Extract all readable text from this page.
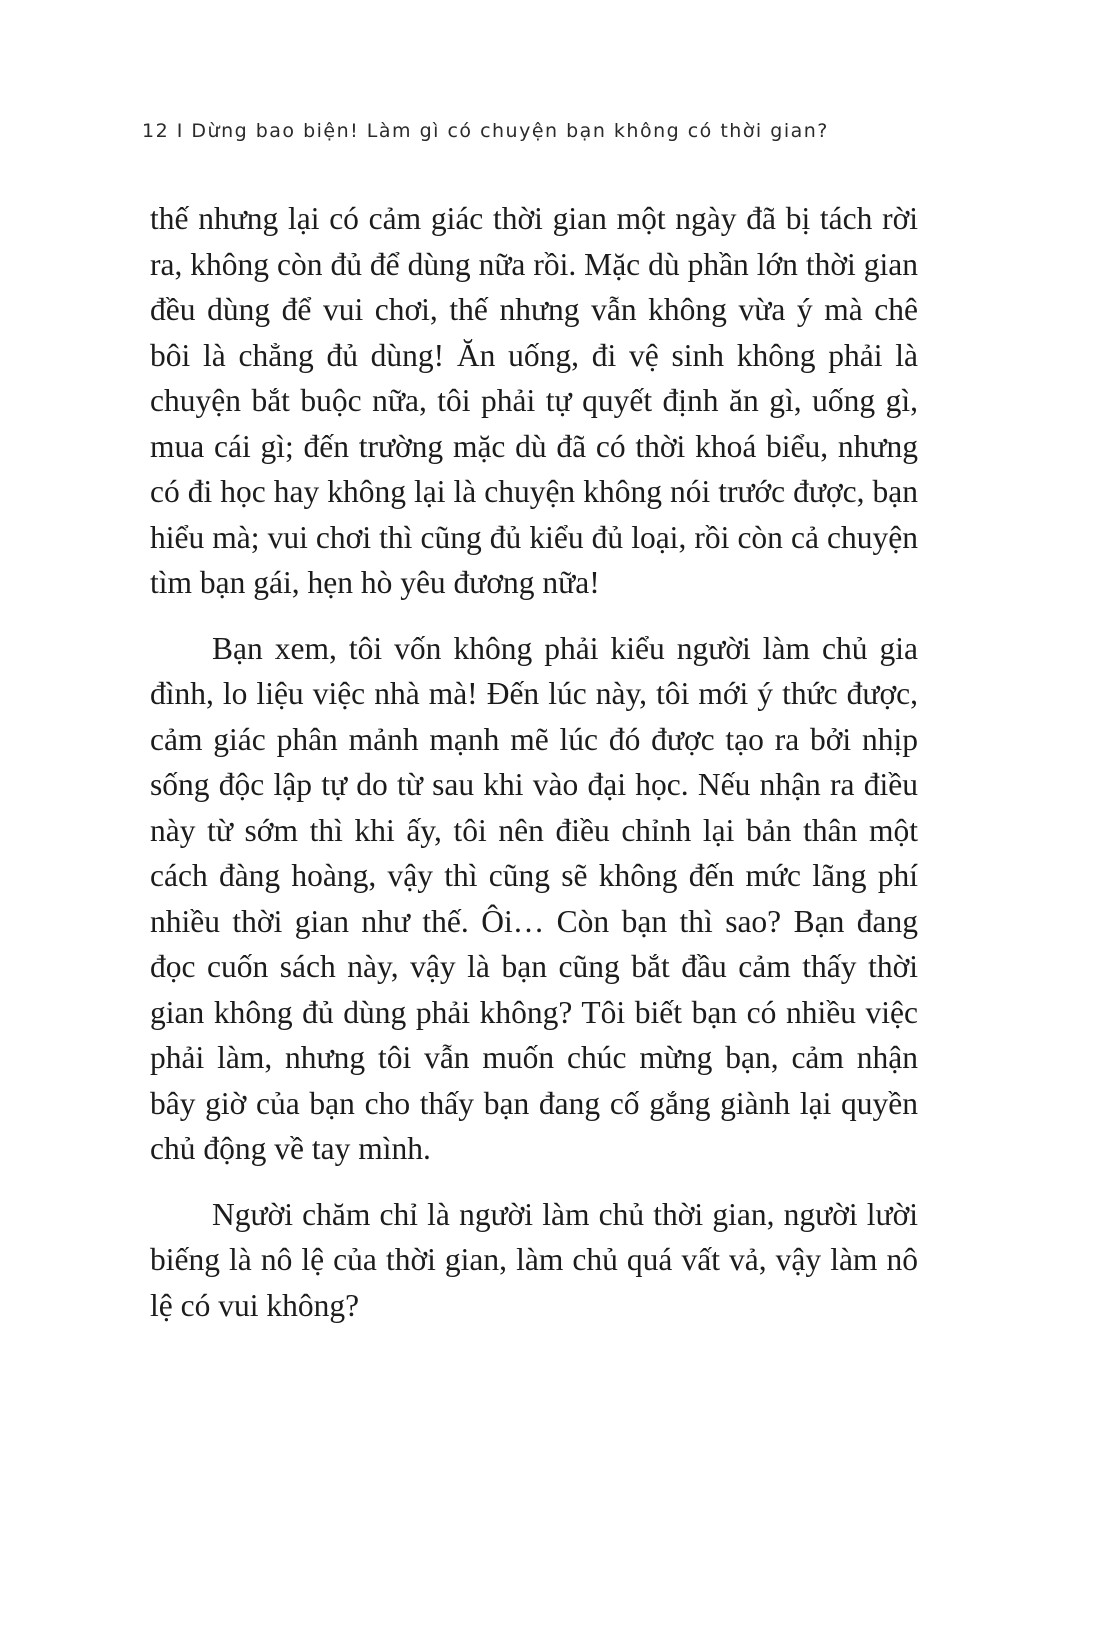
12 I Dừng bao biện! Làm gì có chuyện bạn không có thời gian?

thế nhưng lại có cảm giác thời gian một ngày đã bị tách rời ra, không còn đủ để dùng nữa rồi. Mặc dù phần lớn thời gian đều dùng để vui chơi, thế nhưng vẫn không vừa ý mà chê bôi là chẳng đủ dùng! Ăn uống, đi vệ sinh không phải là chuyện bắt buộc nữa, tôi phải tự quyết định ăn gì, uống gì, mua cái gì; đến trường mặc dù đã có thời khoá biểu, nhưng có đi học hay không lại là chuyện không nói trước được, bạn hiểu mà; vui chơi thì cũng đủ kiểu đủ loại, rồi còn cả chuyện tìm bạn gái, hẹn hò yêu đương nữa!

Bạn xem, tôi vốn không phải kiểu người làm chủ gia đình, lo liệu việc nhà mà! Đến lúc này, tôi mới ý thức được, cảm giác phân mảnh mạnh mẽ lúc đó được tạo ra bởi nhịp sống độc lập tự do từ sau khi vào đại học. Nếu nhận ra điều này từ sớm thì khi ấy, tôi nên điều chỉnh lại bản thân một cách đàng hoàng, vậy thì cũng sẽ không đến mức lãng phí nhiều thời gian như thế. Ôi… Còn bạn thì sao? Bạn đang đọc cuốn sách này, vậy là bạn cũng bắt đầu cảm thấy thời gian không đủ dùng phải không? Tôi biết bạn có nhiều việc phải làm, nhưng tôi vẫn muốn chúc mừng bạn, cảm nhận bây giờ của bạn cho thấy bạn đang cố gắng giành lại quyền chủ động về tay mình.

Người chăm chỉ là người làm chủ thời gian, người lười biếng là nô lệ của thời gian, làm chủ quá vất vả, vậy làm nô lệ có vui không?
